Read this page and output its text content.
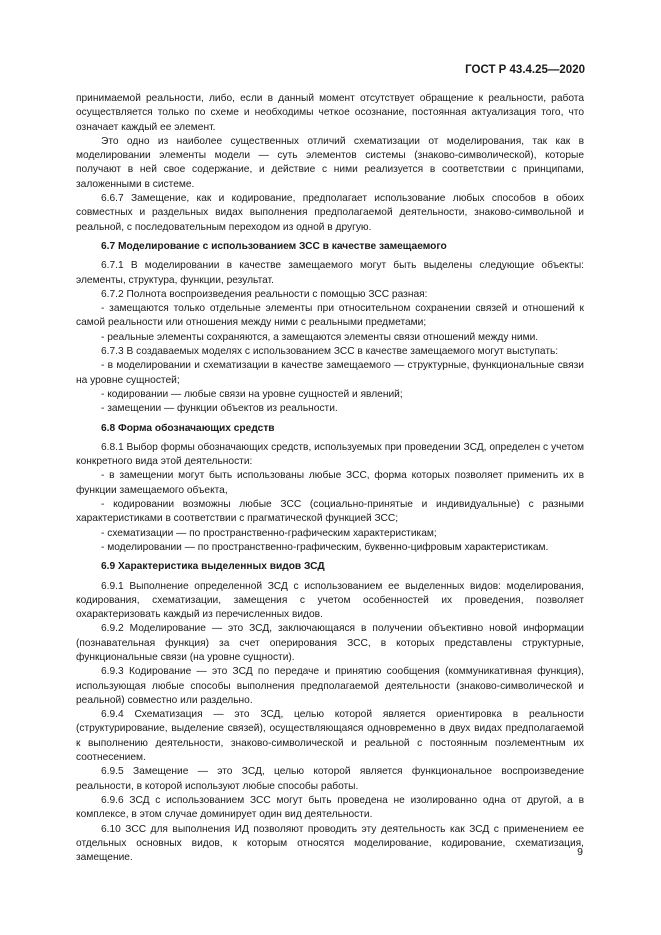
ГОСТ Р 43.4.25—2020

принимаемой реальности, либо, если в данный момент отсутствует обращение к реальности, работа осуществляется только по схеме и необходимы четкое осознание, постоянная актуализация того, что означает каждый ее элемент.

Это одно из наиболее существенных отличий схематизации от моделирования, так как в моделировании элементы модели — суть элементов системы (знаково-символической), которые получают в ней свое содержание, и действие с ними реализуется в соответствии с принципами, заложенными в системе.

6.6.7 Замещение, как и кодирование, предполагает использование любых способов в обоих совместных и раздельных видах выполнения предполагаемой деятельности, знаково-символьной и реальной, с последовательным переходом из одной в другую.

6.7 Моделирование с использованием ЗСС в качестве замещаемого

6.7.1 В моделировании в качестве замещаемого могут быть выделены следующие объекты: элементы, структура, функции, результат.

6.7.2 Полнота воспроизведения реальности с помощью ЗСС разная:

- замещаются только отдельные элементы при относительном сохранении связей и отношений к самой реальности или отношения между ними с реальными предметами;

- реальные элементы сохраняются, а замещаются элементы связи отношений между ними.

6.7.3 В создаваемых моделях с использованием ЗСС в качестве замещаемого могут выступать:

- в моделировании и схематизации в качестве замещаемого — структурные, функциональные связи на уровне сущностей;

- кодировании — любые связи на уровне сущностей и явлений;

- замещении — функции объектов из реальности.

6.8 Форма обозначающих средств

6.8.1 Выбор формы обозначающих средств, используемых при проведении ЗСД, определен с учетом конкретного вида этой деятельности:

- в замещении могут быть использованы любые ЗСС, форма которых позволяет применить их в функции замещаемого объекта,

- кодировании возможны любые ЗСС (социально-принятые и индивидуальные) с разными характеристиками в соответствии с прагматической функцией ЗСС;

- схематизации — по пространственно-графическим характеристикам;

- моделировании — по пространственно-графическим, буквенно-цифровым характеристикам.

6.9 Характеристика выделенных видов ЗСД

6.9.1 Выполнение определенной ЗСД с использованием ее выделенных видов: моделирования, кодирования, схематизации, замещения с учетом особенностей их проведения, позволяет охарактеризовать каждый из перечисленных видов.

6.9.2 Моделирование — это ЗСД, заключающаяся в получении объективно новой информации (познавательная функция) за счет оперирования ЗСС, в которых представлены структурные, функциональные связи (на уровне сущности).

6.9.3 Кодирование — это ЗСД по передаче и принятию сообщения (коммуникативная функция), использующая любые способы выполнения предполагаемой деятельности (знаково-символической и реальной) совместно или раздельно.

6.9.4 Схематизация — это ЗСД, целью которой является ориентировка в реальности (структурирование, выделение связей), осуществляющаяся одновременно в двух видах предполагаемой к выполнению деятельности, знаково-символической и реальной с постоянным поэлементным их соотнесением.

6.9.5 Замещение — это ЗСД, целью которой является функциональное воспроизведение реальности, в которой используют любые способы работы.

6.9.6 ЗСД с использованием ЗСС могут быть проведена не изолированно одна от другой, а в комплексе, в этом случае доминирует один вид деятельности.

6.10 ЗСС для выполнения ИД позволяют проводить эту деятельность как ЗСД с применением ее отдельных основных видов, к которым относятся моделирование, кодирование, схематизация, замещение.	9
